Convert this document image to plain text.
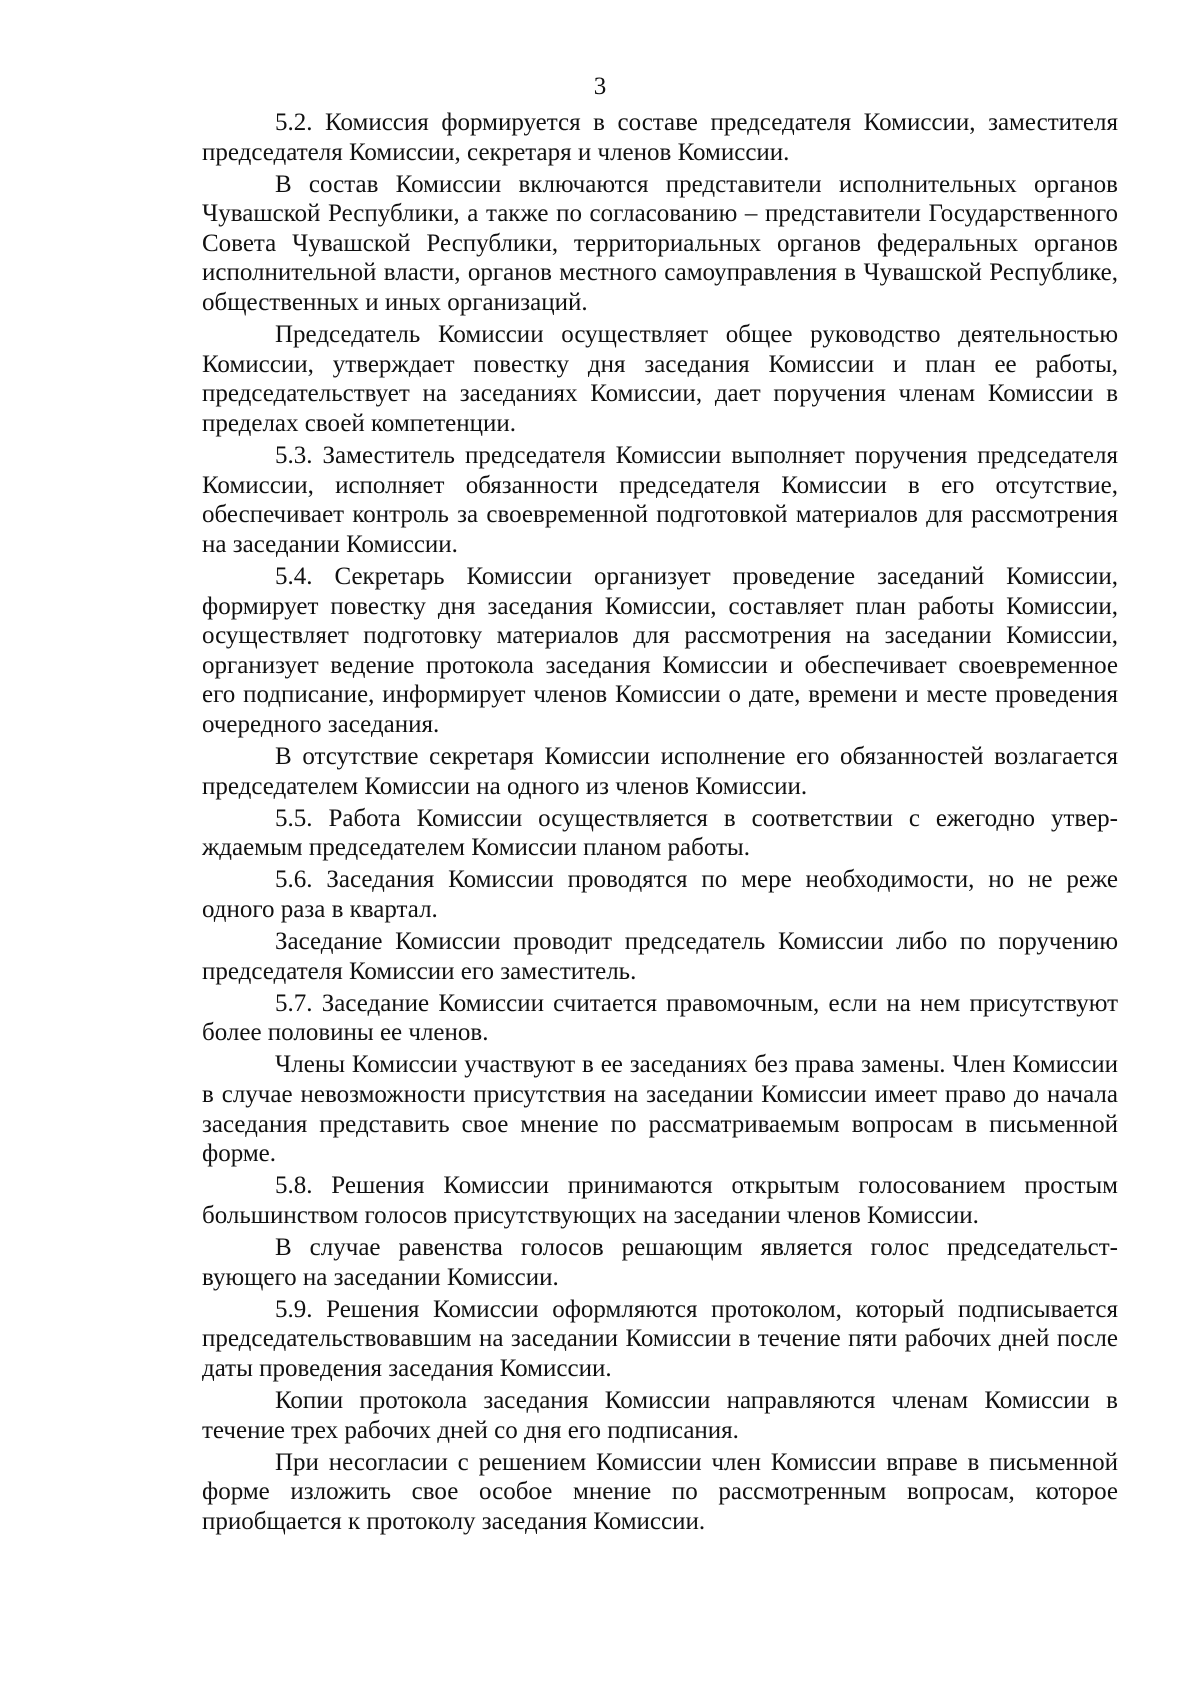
3

5.2. Комиссия формируется в составе председателя Комиссии, заместителя председателя Комиссии, секретаря и членов Комиссии.

В состав Комиссии включаются представители исполнительных органов Чувашской Республики, а также по согласованию – представители Государственного Совета Чувашской Республики, территориальных органов федеральных органов исполнительной власти, органов местного самоуправления в Чувашской Республике, общественных и иных организаций.

Председатель Комиссии осуществляет общее руководство деятельностью Комиссии, утверждает повестку дня заседания Комиссии и план ее работы, председательствует на заседаниях Комиссии, дает поручения членам Комиссии в пределах своей компетенции.

5.3. Заместитель председателя Комиссии выполняет поручения председателя Комиссии, исполняет обязанности председателя Комиссии в его отсутствие, обеспечивает контроль за своевременной подготовкой материалов для рассмотрения на заседании Комиссии.

5.4. Секретарь Комиссии организует проведение заседаний Комиссии, формирует повестку дня заседания Комиссии, составляет план работы Комиссии, осуществляет подготовку материалов для рассмотрения на заседании Комиссии, организует ведение протокола заседания Комиссии и обеспечивает своевременное его подписание, информирует членов Комиссии о дате, времени и месте проведения очередного заседания.

В отсутствие секретаря Комиссии исполнение его обязанностей возлагается председателем Комиссии на одного из членов Комиссии.

5.5. Работа Комиссии осуществляется в соответствии с ежегодно утверждаемым председателем Комиссии планом работы.

5.6. Заседания Комиссии проводятся по мере необходимости, но не реже одного раза в квартал.

Заседание Комиссии проводит председатель Комиссии либо по поручению председателя Комиссии его заместитель.

5.7. Заседание Комиссии считается правомочным, если на нем присутствуют более половины ее членов.

Члены Комиссии участвуют в ее заседаниях без права замены. Член Комиссии в случае невозможности присутствия на заседании Комиссии имеет право до начала заседания представить свое мнение по рассматриваемым вопросам в письменной форме.

5.8. Решения Комиссии принимаются открытым голосованием простым большинством голосов присутствующих на заседании членов Комиссии.

В случае равенства голосов решающим является голос председательствующего на заседании Комиссии.

5.9. Решения Комиссии оформляются протоколом, который подписывается председательствовавшим на заседании Комиссии в течение пяти рабочих дней после даты проведения заседания Комиссии.

Копии протокола заседания Комиссии направляются членам Комиссии в течение трех рабочих дней со дня его подписания.

При несогласии с решением Комиссии член Комиссии вправе в письменной форме изложить свое особое мнение по рассмотренным вопросам, которое приобщается к протоколу заседания Комиссии.
